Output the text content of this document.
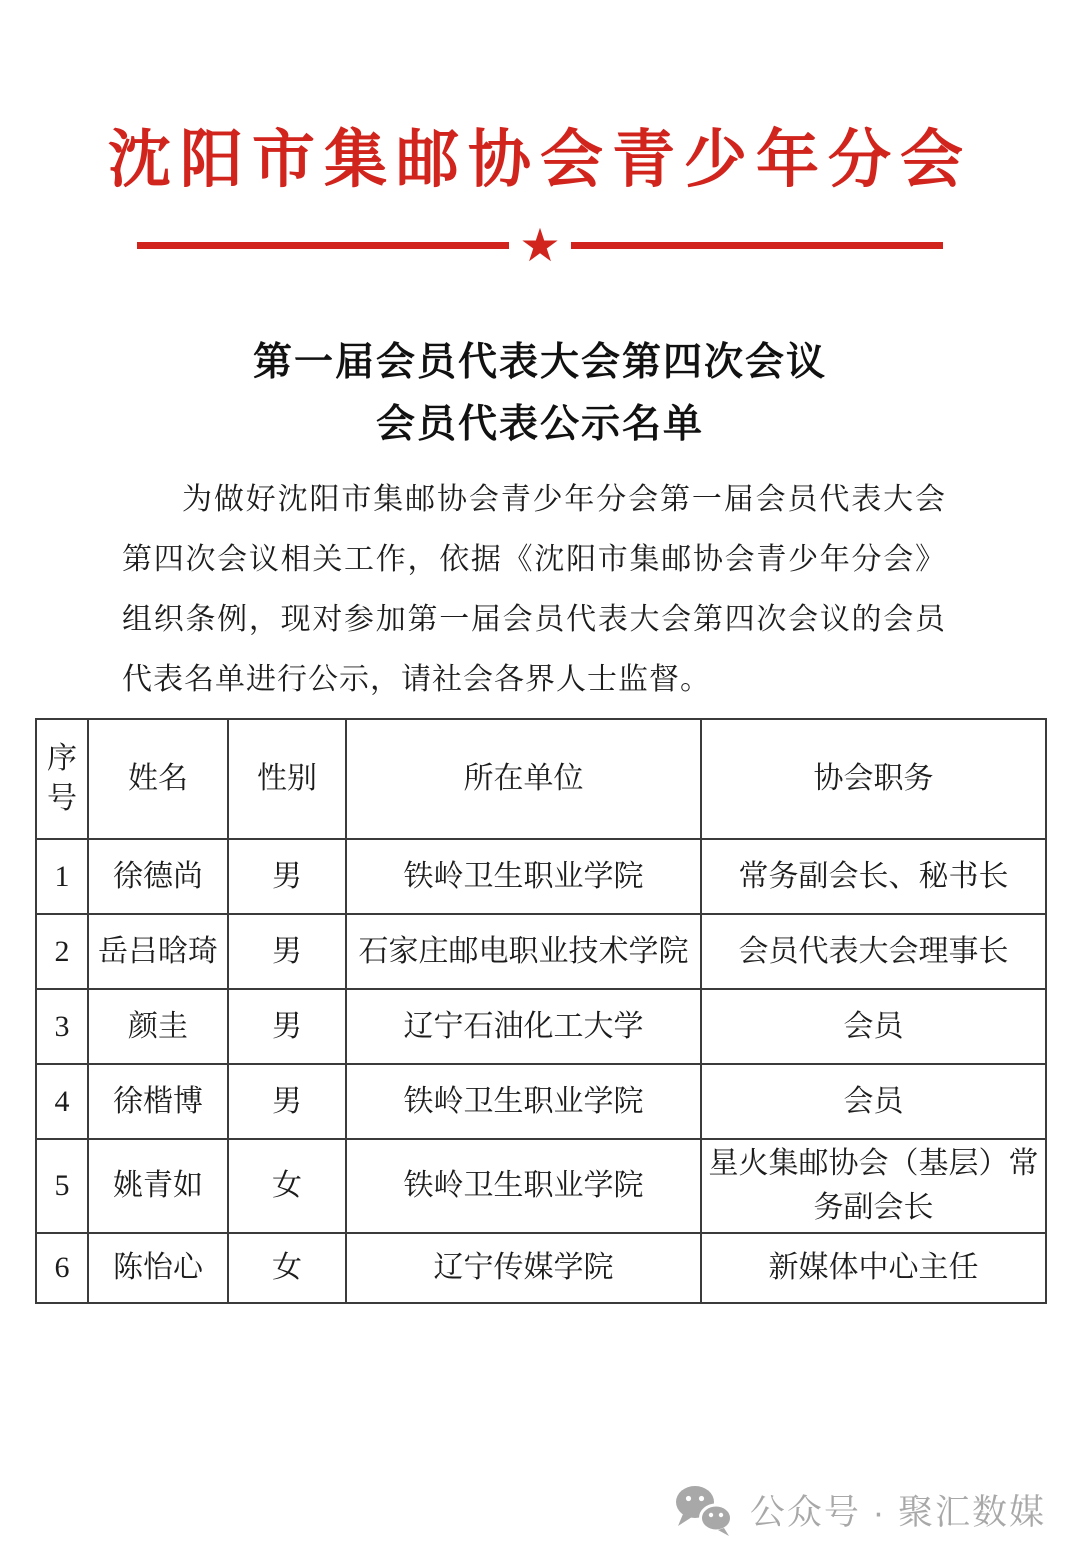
沈阳市集邮协会青少年分会
★
第一届会员代表大会第四次会议
会员代表公示名单

为做好沈阳市集邮协会青少年分会第一届会员代表大会第四次会议相关工作，依据《沈阳市集邮协会青少年分会》组织条例，现对参加第一届会员代表大会第四次会议的会员代表名单进行公示，请社会各界人士监督。

序号	姓名	性别	所在单位	协会职务
1	徐德尚	男	铁岭卫生职业学院	常务副会长、秘书长
2	岳吕晗琦	男	石家庄邮电职业技术学院	会员代表大会理事长
3	颜圭	男	辽宁石油化工大学	会员
4	徐楷博	男	铁岭卫生职业学院	会员
5	姚青如	女	铁岭卫生职业学院	星火集邮协会（基层）常务副会长
6	陈怡心	女	辽宁传媒学院	新媒体中心主任
公众号 · 聚汇数媒
